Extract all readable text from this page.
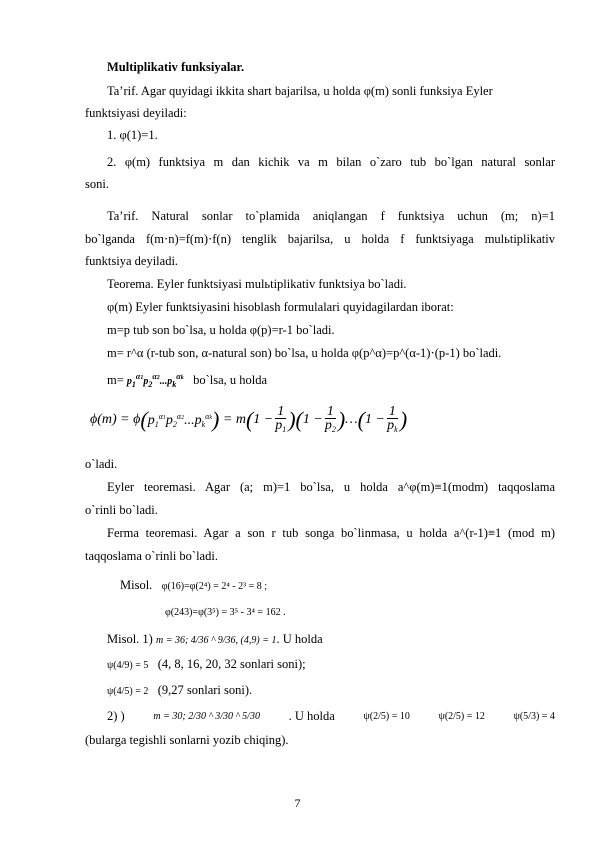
Multiplikativ funksiyalar.
Ta’rif. Agar quyidagi ikkita shart bajarilsa, u holda φ(m) sonli funksiya Eyler
funktsiyasi deyiladi:
1. φ(1)=1.
2. φ(m) funktsiya m dan kichik va m bilan o`zaro tub bo`lgan natural sonlar
soni.
Ta’rif. Natural sonlar to`plamida aniqlangan f funktsiya uchun (m; n)=1
bo`lganda f(m⋅n)=f(m)⋅f(n) tenglik bajarilsa, u holda f funktsiyaga mulьtiplikativ
funktsiya deyiladi.
Teorema. Eyler funktsiyasi mulьtiplikativ funktsiya bo`ladi.
φ(m) Eyler funktsiyasini hisoblash formulalari quyidagilardan iborat:
m=p tub son bo`lsa, u holda φ(p)=r-1 bo`ladi.
m= r^α (r-tub son, α-natural son) bo`lsa, u holda φ(p^α)=p^(α-1)⋅(p-1) bo`ladi.
$m= p_1^{\alpha 1}p_2^{\alpha 2}...p_k^{\alpha k}$ bo`lsa, u holda
ϕ(m) = ϕ ( $p_1^{\alpha 1}p_2^{\alpha 2}...p_k^{\alpha k}$ ) = m ( $1 - \frac{1}{p_1}$ ) ( $1 - \frac{1}{p_2}$ ) … ( $1 - \frac{1}{p_k}$ )
o`ladi.
Eyler teoremasi. Agar (a; m)=1 bo`lsa, u holda a^φ(m)≡1(modm) taqqoslama
o`rinli bo`ladi.
Ferma teoremasi. Agar a son r tub songa bo`linmasa, u holda a^(r-1)≡1 (mod m)
taqqoslama o`rinli bo`ladi.
Misol. φ(16)=φ(2⁴) = 2⁴ - 2³ = 8 ;
φ(243)=φ(3⁵) = 3⁵ - 3⁴ = 162 .
Misol. 1) m = 36; 4/36 ^ 9/36, (4,9) = 1. U holda
ψ(4/9) = 5 (4, 8, 16, 20, 32 sonlari soni);
ψ(4/5) = 2 (9,27 sonlari soni).
2) )	m = 30; 2/30 ^ 3/30 ^ 5/30 . U holda	ψ(2/5) = 10	ψ(2/5) = 12	ψ(5/3) = 4
(bularga tegishli sonlarni yozib chiqing).
7
